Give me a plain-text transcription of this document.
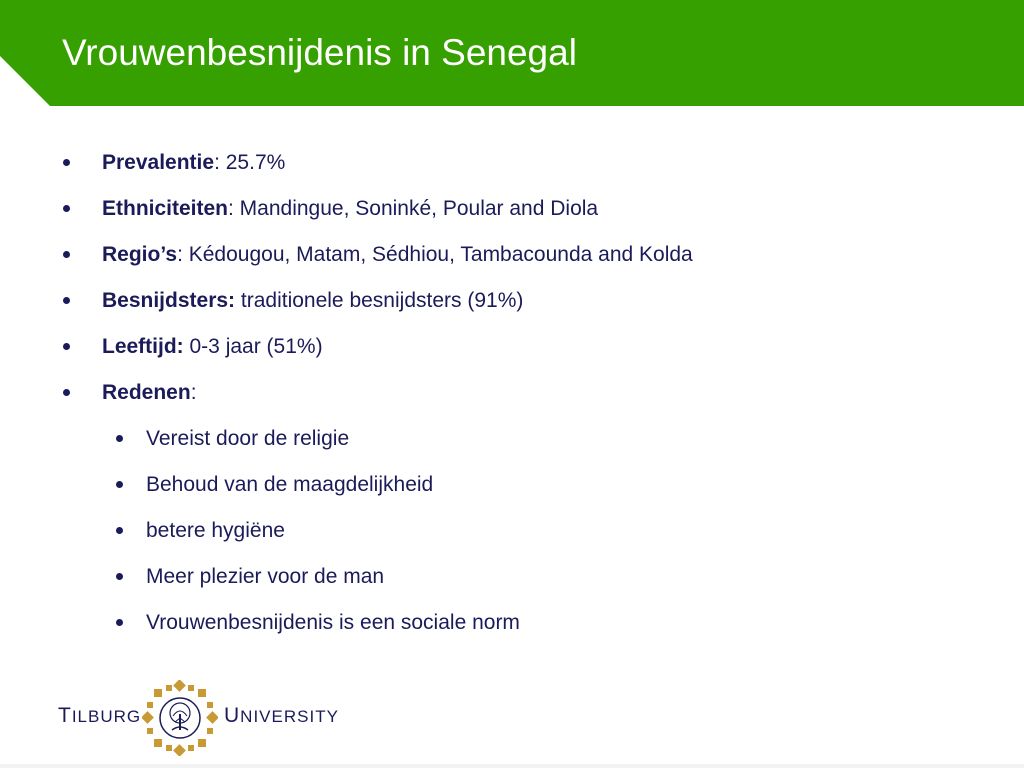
Vrouwenbesnijdenis in Senegal
Prevalentie: 25.7%
Ethniciteiten: Mandingue, Soninké, Poular and Diola
Regio’s: Kédougou, Matam, Sédhiou, Tambacounda and Kolda
Besnijdsters: traditionele besnijdsters (91%)
Leeftijd: 0-3 jaar (51%)
Redenen:
Vereist door de religie
Behoud van de maagdelijkheid
betere hygiëne
Meer plezier voor de man
Vrouwenbesnijdenis is een sociale norm
TILBURG	UNIVERSITY
